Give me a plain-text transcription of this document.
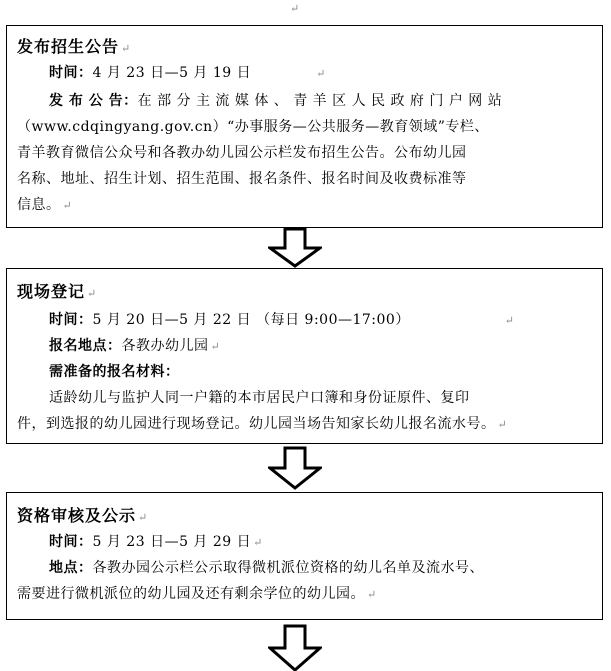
↵
发布招生公告 ↵
时间：4 月 23 日—5 月 19 日	↵
发 布 公 告：在 部 分 主 流 媒 体 、 青 羊 区 人 民 政 府 门 户 网 站
（www.cdqingyang.gov.cn）“办事服务—公共服务—教育领域”专栏、
青羊教育微信公众号和各教办幼儿园公示栏发布招生公告。公布幼儿园
名称、地址、招生计划、招生范围、报名条件、报名时间及收费标准等
信息。 ↵
现场登记 ↵
时间：5 月 20 日—5 月 22 日 （每日 9:00—17:00）	↵
报名地点：各教办幼儿园 ↵
需准备的报名材料：
适龄幼儿与监护人同一户籍的本市居民户口簿和身份证原件、复印
件，到选报的幼儿园进行现场登记。幼儿园当场告知家长幼儿报名流水号。 ↵
资格审核及公示 ↵
时间：5 月 23 日—5 月 29 日 ↵
地点：各教办园公示栏公示取得微机派位资格的幼儿名单及流水号、
需要进行微机派位的幼儿园及还有剩余学位的幼儿园。 ↵
